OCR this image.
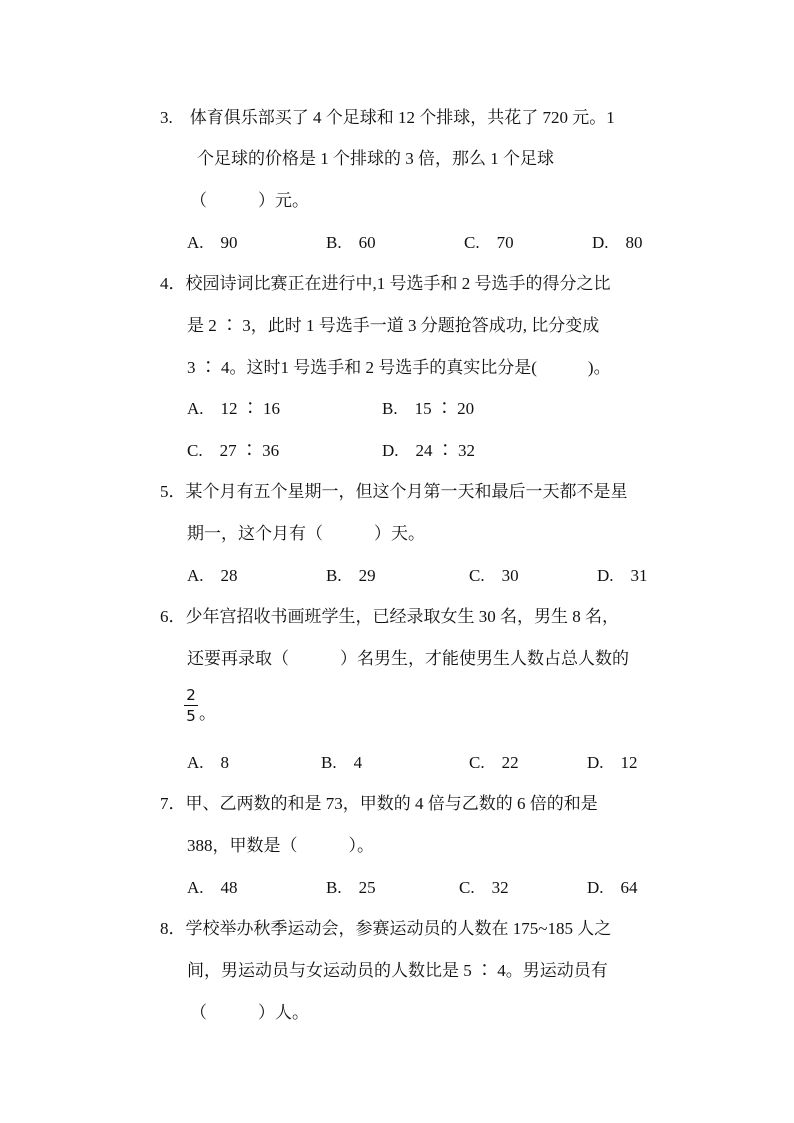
3.　体育俱乐部买了 4 个足球和 12 个排球，共花了 720 元。1
个足球的价格是 1 个排球的 3 倍，那么 1 个足球
（　　　）元。
A.　90	B.　60	C.　70	D.　80
4．校园诗词比赛正在进行中,1 号选手和 2 号选手的得分之比
是 2 ∶ 3，此时 1 号选手一道 3 分题抢答成功, 比分变成
3 ∶ 4。这时1 号选手和 2 号选手的真实比分是(　　　)。
A.　12 ∶ 16	B.　15 ∶ 20
C.　27 ∶ 36	D.　24 ∶ 32
5．某个月有五个星期一，但这个月第一天和最后一天都不是星
期一，这个月有（　　　）天。
A.　28	B.　29	C.　30	D.　31
6．少年宫招收书画班学生，已经录取女生 30 名，男生 8 名，
还要再录取（　　　）名男生，才能使男生人数占总人数的
2
5 。
A.　8	B.　4	C.　22	D.　12
7．甲、乙两数的和是 73，甲数的 4 倍与乙数的 6 倍的和是
388，甲数是（　　　）。
A.　48	B.　25	C.　32	D.　64
8．学校举办秋季运动会，参赛运动员的人数在 175~185 人之
间，男运动员与女运动员的人数比是 5 ∶ 4。男运动员有
（　　　）人。
